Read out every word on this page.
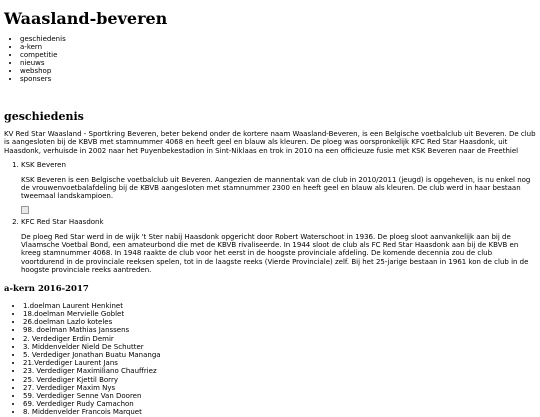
Waasland-beveren
• geschiedenis
• a-kern
• competitie
• nieuws
• webshop
• sponsers
geschiedenis

KV Red Star Waasland - Sportkring Beveren, beter bekend onder de kortere naam Waasland-Beveren, is een Belgische voetbalclub uit Beveren. De club is aangesloten bij de KBVB met stamnummer 4068 en heeft geel en blauw als kleuren. De ploeg was oorspronkelijk KFC Red Star Haasdonk, uit Haasdonk, verhuisde in 2002 naar het Puyenbekestadion in Sint-Niklaas en trok in 2010 na een officieuze fusie met KSK Beveren naar de Freethiel

1. KSK Beveren

KSK Beveren is een Belgische voetbalclub uit Beveren. Aangezien de mannentak van de club in 2010/2011 (jeugd) is opgeheven, is nu enkel nog de vrouwenvoetbalafdeling bij de KBVB aangesloten met stamnummer 2300 en heeft geel en blauw als kleuren. De club werd in haar bestaan tweemaal landskampioen.

2. KFC Red Star Haasdonk

De ploeg Red Star werd in de wijk 't Ster nabij Haasdonk opgericht door Robert Waterschoot in 1936. De ploeg sloot aanvankelijk aan bij de Vlaamsche Voetbal Bond, een amateurbond die met de KBVB rivaliseerde. In 1944 sloot de club als FC Red Star Haasdonk aan bij de KBVB en kreeg stamnummer 4068. In 1948 raakte de club voor het eerst in de hoogste provinciale afdeling. De komende decennia zou de club voortdurend in de provinciale reeksen spelen, tot in de laagste reeks (Vierde Provinciale) zelf. Bij het 25-jarige bestaan in 1961 kon de club in de hoogste provinciale reeks aantreden.

a-kern 2016-2017
• 1.doelman Laurent Henkinet
• 18.doelman Mervielle Goblet
• 26.doelman Lazlo koteles
• 98. doelman Mathias Janssens
• 2. Verdediger Erdin Demir
• 3. Middenvelder Nield De Schutter
• 5. Verdediger Jonathan Buatu Mananga
• 21.Verdediger Laurent Jans
• 23. Verdediger Maximiliano Chauffriez
• 25. Verdediger Kjettil Borry
• 27. Verdediger Maxim Nys
• 59. Verdediger Senne Van Dooren
• 69. Verdediger Rudy Camachon
• 8. Middenvelder Francois Marquet
